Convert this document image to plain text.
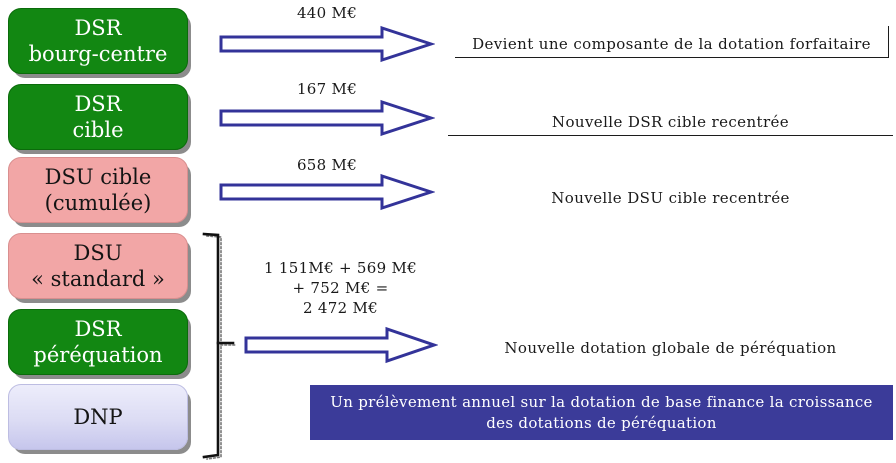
DSR
bourg-centre
DSR
cible
DSU cible
(cumulée)
DSU
« standard »
DSR
péréquation
DNP
440 M€
167 M€
658 M€
1 151M€ + 569 M€
+ 752 M€ =
2 472 M€
Devient une composante de la dotation forfaitaire
Nouvelle DSR cible recentrée
Nouvelle DSU cible recentrée
Nouvelle dotation globale de péréquation
Un prélèvement annuel sur la dotation de base finance la croissance des dotations de péréquation
